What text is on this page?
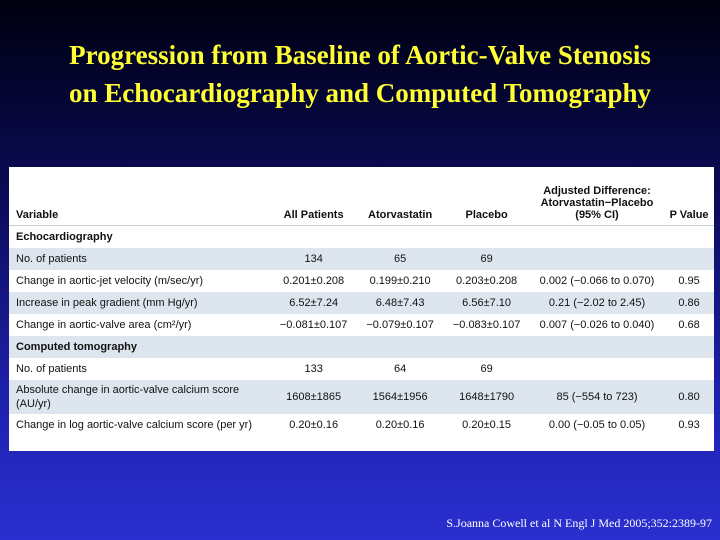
Progression from Baseline of Aortic-Valve Stenosis
on Echocardiography and Computed Tomography
Variable	All Patients	Atorvastatin	Placebo	Adjusted Difference: Atorvastatin−Placebo (95% CI)	P Value
Echocardiography					
No. of patients	134	65	69		
Change in aortic-jet velocity (m/sec/yr)	0.201±0.208	0.199±0.210	0.203±0.208	0.002 (−0.066 to 0.070)	0.95
Increase in peak gradient (mm Hg/yr)	6.52±7.24	6.48±7.43	6.56±7.10	0.21 (−2.02 to 2.45)	0.86
Change in aortic-valve area (cm²/yr)	−0.081±0.107	−0.079±0.107	−0.083±0.107	0.007 (−0.026 to 0.040)	0.68
Computed tomography					
No. of patients	133	64	69		
Absolute change in aortic-valve calcium score (AU/yr)	1608±1865	1564±1956	1648±1790	85 (−554 to 723)	0.80
Change in log aortic-valve calcium score (per yr)	0.20±0.16	0.20±0.16	0.20±0.15	0.00 (−0.05 to 0.05)	0.93
S.Joanna Cowell et al N Engl J Med 2005;352:2389-97
